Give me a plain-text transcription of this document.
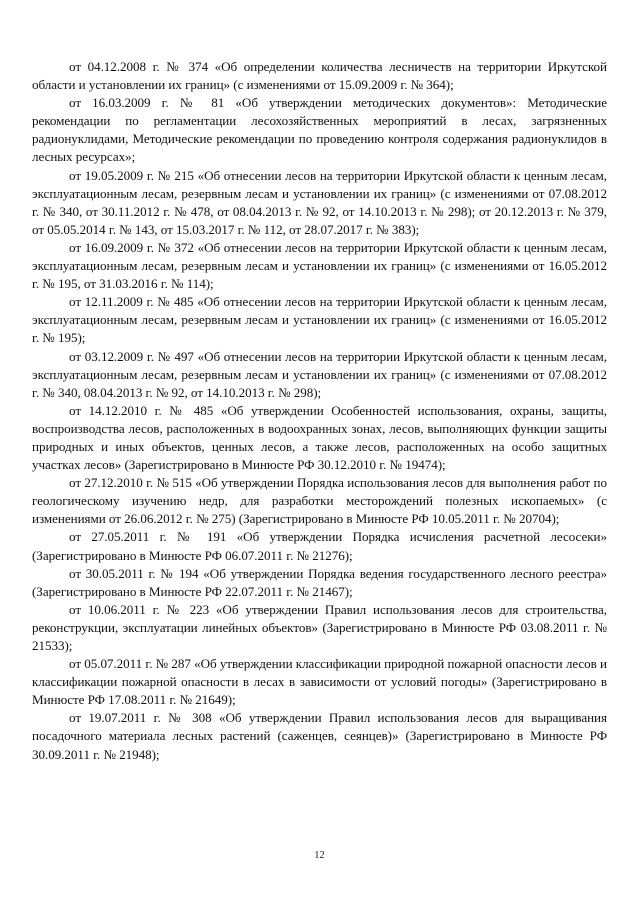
от 04.12.2008 г. № 374 «Об определении количества лесничеств на территории Иркутской области и установлении их границ» (с изменениями от 15.09.2009 г. № 364);

от 16.03.2009 г. № 81 «Об утверждении методических документов»: Методические рекомендации по регламентации лесохозяйственных мероприятий в лесах, загрязненных радионуклидами, Методические рекомендации по проведению контроля содержания радионуклидов в лесных ресурсах»;

от 19.05.2009 г. № 215 «Об отнесении лесов на территории Иркутской области к ценным лесам, эксплуатационным лесам, резервным лесам и установлении их границ» (с изменениями от 07.08.2012 г. № 340, от 30.11.2012 г. № 478, от 08.04.2013 г. № 92, от 14.10.2013 г. № 298); от 20.12.2013 г. № 379, от 05.05.2014 г. № 143, от 15.03.2017 г. № 112, от 28.07.2017 г. № 383);

от 16.09.2009 г. № 372 «Об отнесении лесов на территории Иркутской области к ценным лесам, эксплуатационным лесам, резервным лесам и установлении их границ» (с изменениями от 16.05.2012 г. № 195, от 31.03.2016 г. № 114);

от 12.11.2009 г. № 485 «Об отнесении лесов на территории Иркутской области к ценным лесам, эксплуатационным лесам, резервным лесам и установлении их границ» (с изменениями от 16.05.2012 г. № 195);

от 03.12.2009 г. № 497 «Об отнесении лесов на территории Иркутской области к ценным лесам, эксплуатационным лесам, резервным лесам и установлении их границ» (с изменениями от 07.08.2012 г. № 340, 08.04.2013 г. № 92, от 14.10.2013 г. № 298);

от 14.12.2010 г. № 485 «Об утверждении Особенностей использования, охраны, защиты, воспроизводства лесов, расположенных в водоохранных зонах, лесов, выполняющих функции защиты природных и иных объектов, ценных лесов, а также лесов, расположенных на особо защитных участках лесов» (Зарегистрировано в Минюсте РФ 30.12.2010 г. № 19474);

от 27.12.2010 г. № 515 «Об утверждении Порядка использования лесов для выполнения работ по геологическому изучению недр, для разработки месторождений полезных ископаемых» (с изменениями от 26.06.2012 г. № 275) (Зарегистрировано в Минюсте РФ 10.05.2011 г. № 20704);

от 27.05.2011 г. № 191 «Об утверждении Порядка исчисления расчетной лесосеки» (Зарегистрировано в Минюсте РФ 06.07.2011 г. № 21276);

от 30.05.2011 г. № 194 «Об утверждении Порядка ведения государственного лесного реестра» (Зарегистрировано в Минюсте РФ 22.07.2011 г. № 21467);

от 10.06.2011 г. № 223 «Об утверждении Правил использования лесов для строительства, реконструкции, эксплуатации линейных объектов» (Зарегистрировано в Минюсте РФ 03.08.2011 г. № 21533);

от 05.07.2011 г. № 287 «Об утверждении классификации природной пожарной опасности лесов и классификации пожарной опасности в лесах в зависимости от условий погоды» (Зарегистрировано в Минюсте РФ 17.08.2011 г. № 21649);

от 19.07.2011 г. № 308 «Об утверждении Правил использования лесов для выращивания посадочного материала лесных растений (саженцев, сеянцев)» (Зарегистрировано в Минюсте РФ 30.09.2011 г. № 21948);

12
